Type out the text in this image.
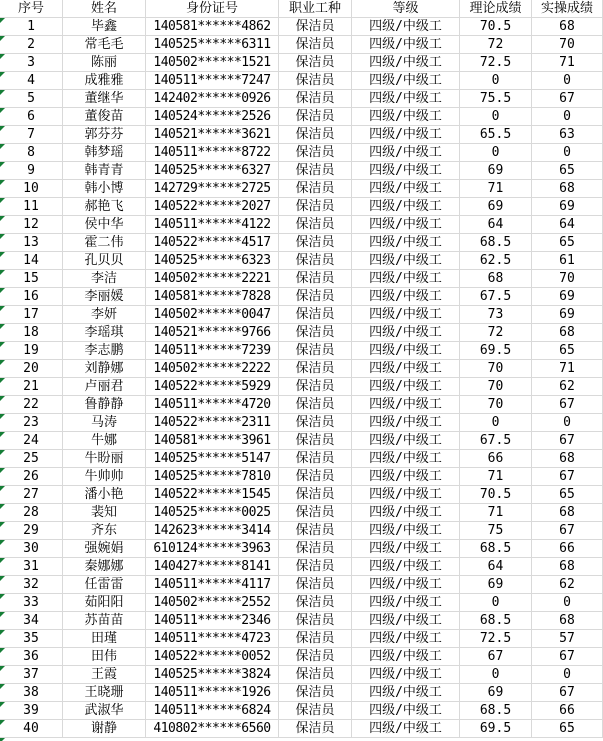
序号	姓名	身份证号	职业工种	等级	理论成绩	实操成绩
1	毕鑫	140581******4862	保洁员	四级/中级工	70.5	68
2	常毛毛	140525******6311	保洁员	四级/中级工	72	70
3	陈丽	140502******1521	保洁员	四级/中级工	72.5	71
4	成雅雅	140511******7247	保洁员	四级/中级工	0	0
5	董继华	142402******0926	保洁员	四级/中级工	75.5	67
6	董俊苗	140524******2526	保洁员	四级/中级工	0	0
7	郭芬芬	140521******3621	保洁员	四级/中级工	65.5	63
8	韩梦瑶	140511******8722	保洁员	四级/中级工	0	0
9	韩青青	140525******6327	保洁员	四级/中级工	69	65
10	韩小博	142729******2725	保洁员	四级/中级工	71	68
11	郝艳飞	140522******2027	保洁员	四级/中级工	69	69
12	侯中华	140511******4122	保洁员	四级/中级工	64	64
13	霍二伟	140522******4517	保洁员	四级/中级工	68.5	65
14	孔贝贝	140525******6323	保洁员	四级/中级工	62.5	61
15	李洁	140502******2221	保洁员	四级/中级工	68	70
16	李丽媛	140581******7828	保洁员	四级/中级工	67.5	69
17	李妍	140502******0047	保洁员	四级/中级工	73	69
18	李瑶琪	140521******9766	保洁员	四级/中级工	72	68
19	李志鹏	140511******7239	保洁员	四级/中级工	69.5	65
20	刘静娜	140502******2222	保洁员	四级/中级工	70	71
21	卢丽君	140522******5929	保洁员	四级/中级工	70	62
22	鲁静静	140511******4720	保洁员	四级/中级工	70	67
23	马涛	140522******2311	保洁员	四级/中级工	0	0
24	牛娜	140581******3961	保洁员	四级/中级工	67.5	67
25	牛盼丽	140525******5147	保洁员	四级/中级工	66	68
26	牛帅帅	140525******7810	保洁员	四级/中级工	71	67
27	潘小艳	140522******1545	保洁员	四级/中级工	70.5	65
28	裴知	140525******0025	保洁员	四级/中级工	71	68
29	齐东	142623******3414	保洁员	四级/中级工	75	67
30	强婉娟	610124******3963	保洁员	四级/中级工	68.5	66
31	秦娜娜	140427******8141	保洁员	四级/中级工	64	68
32	任雷雷	140511******4117	保洁员	四级/中级工	69	62
33	茹阳阳	140502******2552	保洁员	四级/中级工	0	0
34	苏苗苗	140511******2346	保洁员	四级/中级工	68.5	68
35	田瑾	140511******4723	保洁员	四级/中级工	72.5	57
36	田伟	140522******0052	保洁员	四级/中级工	67	67
37	王霞	140525******3824	保洁员	四级/中级工	0	0
38	王晓珊	140511******1926	保洁员	四级/中级工	69	67
39	武淑华	140511******6824	保洁员	四级/中级工	68.5	66
40	谢静	410802******6560	保洁员	四级/中级工	69.5	65
